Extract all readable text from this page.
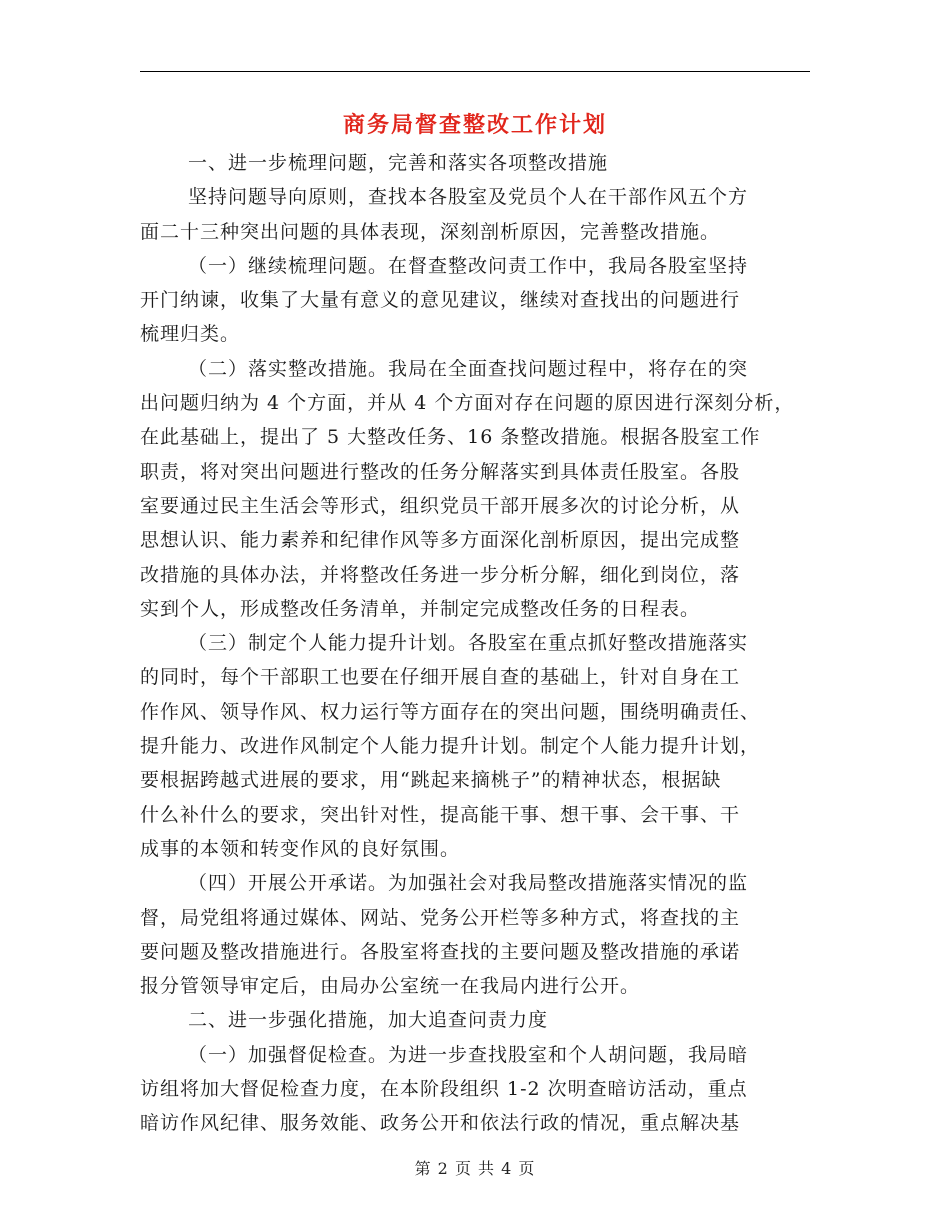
商务局督查整改工作计划
一、进一步梳理问题，完善和落实各项整改措施
坚持问题导向原则，查找本各股室及党员个人在干部作风五个方
面二十三种突出问题的具体表现，深刻剖析原因，完善整改措施。
（一）继续梳理问题。在督查整改问责工作中，我局各股室坚持
开门纳谏，收集了大量有意义的意见建议，继续对查找出的问题进行
梳理归类。
（二）落实整改措施。我局在全面查找问题过程中，将存在的突
出问题归纳为 4 个方面，并从 4 个方面对存在问题的原因进行深刻分析，
在此基础上，提出了 5 大整改任务、16 条整改措施。根据各股室工作
职责，将对突出问题进行整改的任务分解落实到具体责任股室。各股
室要通过民主生活会等形式，组织党员干部开展多次的讨论分析，从
思想认识、能力素养和纪律作风等多方面深化剖析原因，提出完成整
改措施的具体办法，并将整改任务进一步分析分解，细化到岗位，落
实到个人，形成整改任务清单，并制定完成整改任务的日程表。
（三）制定个人能力提升计划。各股室在重点抓好整改措施落实
的同时，每个干部职工也要在仔细开展自查的基础上，针对自身在工
作作风、领导作风、权力运行等方面存在的突出问题，围绕明确责任、
提升能力、改进作风制定个人能力提升计划。制定个人能力提升计划，
要根据跨越式进展的要求，用“跳起来摘桃子”的精神状态，根据缺
什么补什么的要求，突出针对性，提高能干事、想干事、会干事、干
成事的本领和转变作风的良好氛围。
（四）开展公开承诺。为加强社会对我局整改措施落实情况的监
督，局党组将通过媒体、网站、党务公开栏等多种方式，将查找的主
要问题及整改措施进行。各股室将查找的主要问题及整改措施的承诺
报分管领导审定后，由局办公室统一在我局内进行公开。
二、进一步强化措施，加大追查问责力度
（一）加强督促检查。为进一步查找股室和个人胡问题，我局暗
访组将加大督促检查力度，在本阶段组织 1-2 次明查暗访活动，重点
暗访作风纪律、服务效能、政务公开和依法行政的情况，重点解决基
第 2 页 共 4 页
